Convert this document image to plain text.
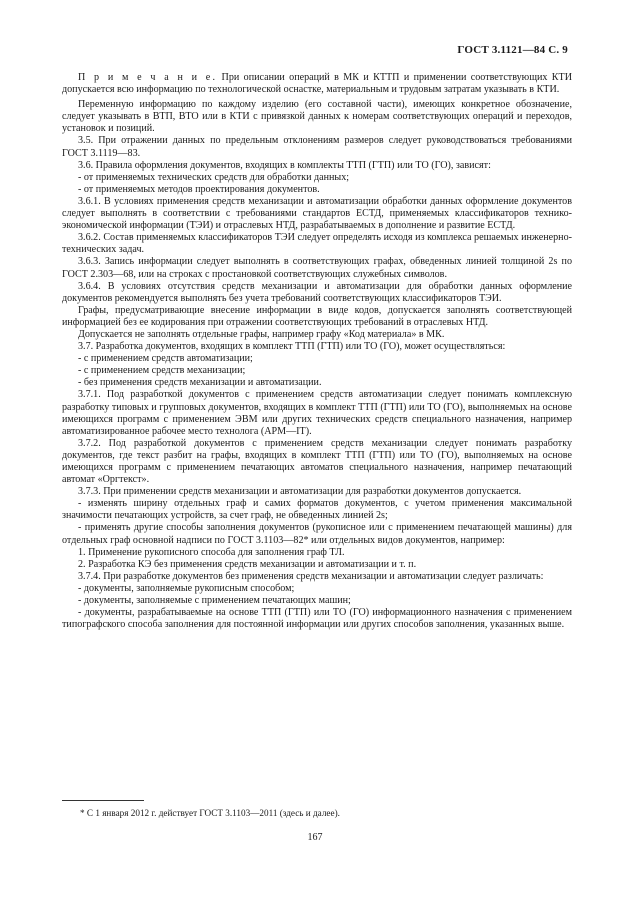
ГОСТ 3.1121—84 С. 9

П р и м е ч а н и е. При описании операций в МК и КТТП и применении соответствующих КТИ допускается всю информацию по технологической оснастке, материальным и трудовым затратам указывать в КТИ.

Переменную информацию по каждому изделию (его составной части), имеющих конкретное обозначение, следует указывать в ВТП, ВТО или в КТИ с привязкой данных к номерам соответствующих операций и переходов, установок и позиций.

3.5. При отражении данных по предельным отклонениям размеров следует руководствоваться требованиями ГОСТ 3.1119—83.

3.6. Правила оформления документов, входящих в комплекты ТТП (ГТП) или ТО (ГО), зависят:

- от применяемых технических средств для обработки данных;

- от применяемых методов проектирования документов.

3.6.1. В условиях применения средств механизации и автоматизации обработки данных оформление документов следует выполнять в соответствии с требованиями стандартов ЕСТД, применяемых классификаторов технико-экономической информации (ТЭИ) и отраслевых НТД, разрабатываемых в дополнение и развитие ЕСТД.

3.6.2. Состав применяемых классификаторов ТЭИ следует определять исходя из комплекса решаемых инженерно-технических задач.

3.6.3. Запись информации следует выполнять в соответствующих графах, обведенных линией толщиной 2s по ГОСТ 2.303—68, или на строках с простановкой соответствующих служебных символов.

3.6.4. В условиях отсутствия средств механизации и автоматизации для обработки данных оформление документов рекомендуется выполнять без учета требований соответствующих классификаторов ТЭИ.

Графы, предусматривающие внесение информации в виде кодов, допускается заполнять соответствующей информацией без ее кодирования при отражении соответствующих требований в отраслевых НТД.

Допускается не заполнять отдельные графы, например графу «Код материала» в МК.

3.7. Разработка документов, входящих в комплект ТТП (ГТП) или ТО (ГО), может осуществляться:

- с применением средств автоматизации;

- с применением средств механизации;

- без применения средств механизации и автоматизации.

3.7.1. Под разработкой документов с применением средств автоматизации следует понимать комплексную разработку типовых и групповых документов, входящих в комплект ТТП (ГТП) или ТО (ГО), выполняемых на основе имеющихся программ с применением ЭВМ или других технических средств специального назначения, например автоматизированное рабочее место технолога (АРМ—IТ).

3.7.2. Под разработкой документов с применением средств механизации следует понимать разработку документов, где текст разбит на графы, входящих в комплект ТТП (ГТП) или ТО (ГО), выполняемых на основе имеющихся программ с применением печатающих автоматов специального назначения, например печатающий автомат «Оргтекст».

3.7.3. При применении средств механизации и автоматизации для разработки документов допускается.

- изменять ширину отдельных граф и самих форматов документов, с учетом применения максимальной значимости печатающих устройств, за счет граф, не обведенных линией 2s;

- применять другие способы заполнения документов (рукописное или с применением печатающей машины) для отдельных граф основной надписи по ГОСТ 3.1103—82* или отдельных видов документов, например:

1. Применение рукописного способа для заполнения граф ТЛ.

2. Разработка КЭ без применения средств механизации и автоматизации и т. п.

3.7.4. При разработке документов без применения средств механизации и автоматизации следует различать:

- документы, заполняемые рукописным способом;

- документы, заполняемые с применением печатающих машин;

- документы, разрабатываемые на основе ТТП (ГТП) или ТО (ГО) информационного назначения с применением типографского способа заполнения для постоянной информации или других способов заполнения, указанных выше.

* С 1 января 2012 г. действует ГОСТ 3.1103—2011 (здесь и далее).
167
